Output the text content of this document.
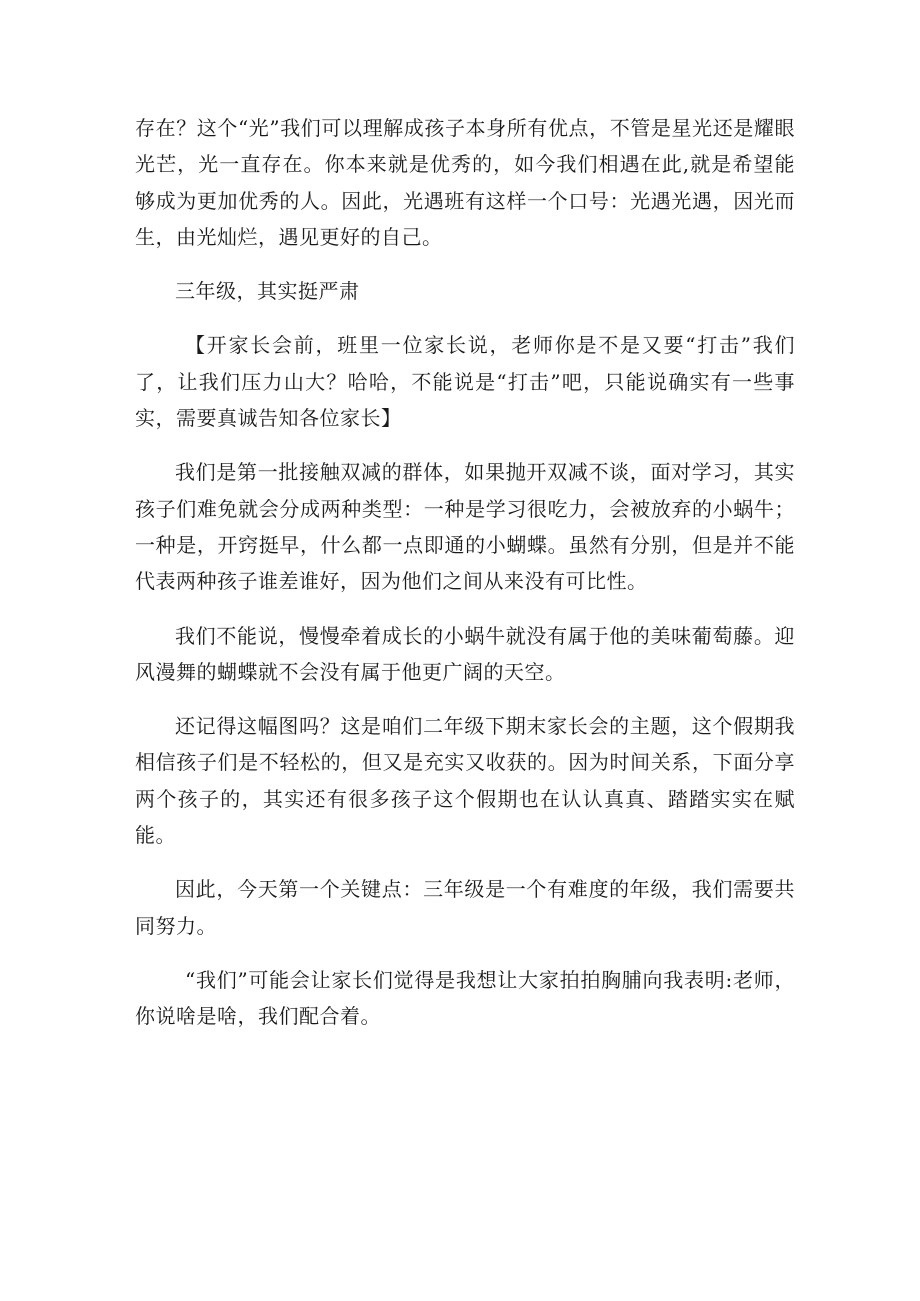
存在？这个“光”我们可以理解成孩子本身所有优点，不管是星光还是耀眼光芒，光一直存在。你本来就是优秀的，如今我们相遇在此,就是希望能够成为更加优秀的人。因此，光遇班有这样一个口号：光遇光遇，因光而生，由光灿烂，遇见更好的自己。

三年级，其实挺严肃

【开家长会前，班里一位家长说，老师你是不是又要“打击”我们了，让我们压力山大？哈哈，不能说是“打击”吧，只能说确实有一些事实，需要真诚告知各位家长】

我们是第一批接触双减的群体，如果抛开双减不谈，面对学习，其实孩子们难免就会分成两种类型：一种是学习很吃力，会被放弃的小蜗牛；一种是，开窍挺早，什么都一点即通的小蝴蝶。虽然有分别，但是并不能代表两种孩子谁差谁好，因为他们之间从来没有可比性。

我们不能说，慢慢牵着成长的小蜗牛就没有属于他的美味葡萄藤。迎风漫舞的蝴蝶就不会没有属于他更广阔的天空。

还记得这幅图吗？这是咱们二年级下期末家长会的主题，这个假期我相信孩子们是不轻松的，但又是充实又收获的。因为时间关系，下面分享两个孩子的，其实还有很多孩子这个假期也在认认真真、踏踏实实在赋能。

因此，今天第一个关键点：三年级是一个有难度的年级，我们需要共同努力。

“我们”可能会让家长们觉得是我想让大家拍拍胸脯向我表明:老师，你说啥是啥，我们配合着。
